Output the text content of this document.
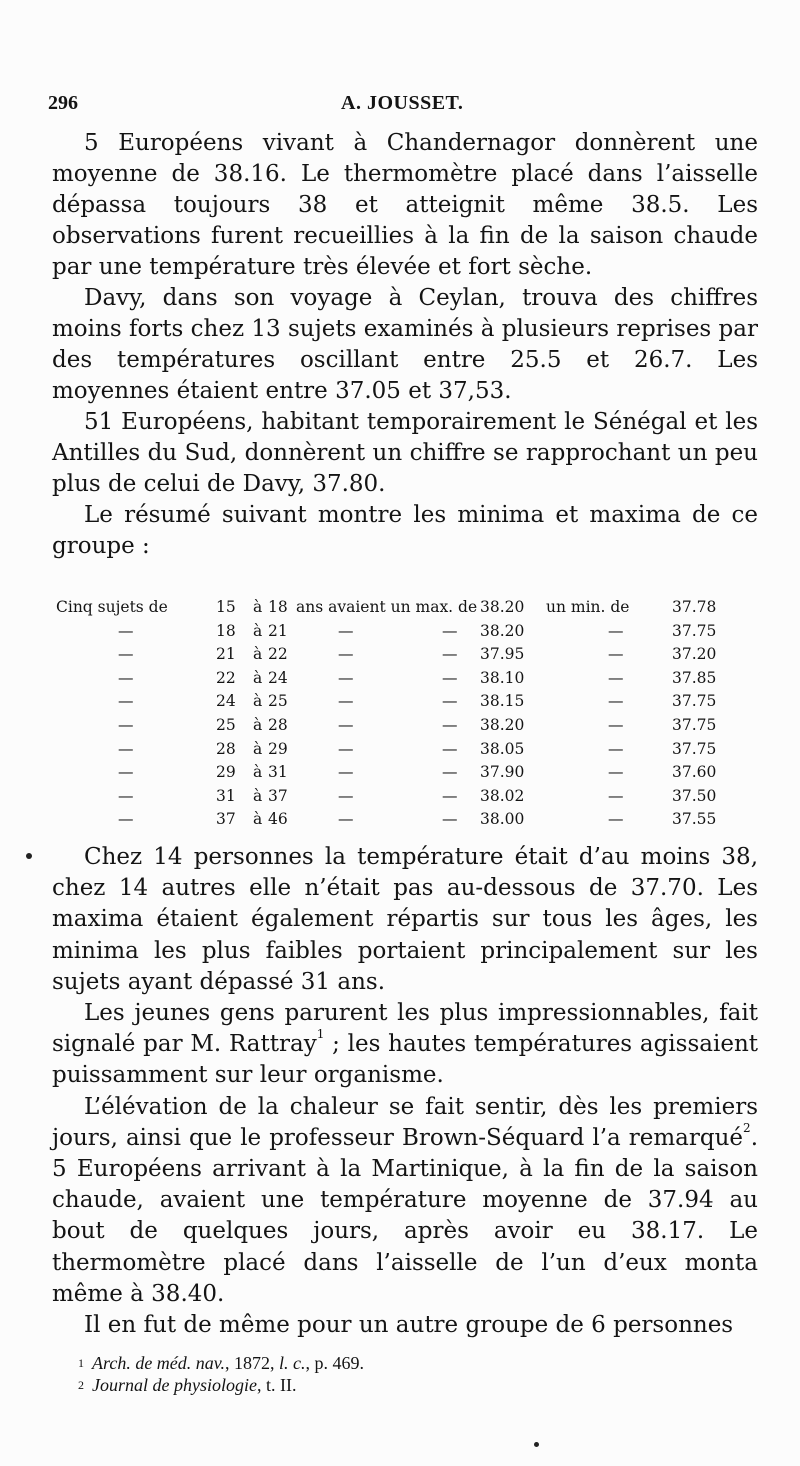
296	A. JOUSSET.

5 Européens vivant à Chandernagor donnèrent une moyenne de 38.16. Le thermomètre placé dans l’aisselle dépassa toujours 38 et atteignit même 38.5. Les observations furent recueillies à la fin de la saison chaude par une température très élevée et fort sèche.

Davy, dans son voyage à Ceylan, trouva des chiffres moins forts chez 13 sujets examinés à plusieurs reprises par des températures oscillant entre 25.5 et 26.7. Les moyennes étaient entre 37.05 et 37,53.

51 Européens, habitant temporairement le Sénégal et les Antilles du Sud, donnèrent un chiffre se rapprochant un peu plus de celui de Davy, 37.80.

Le résumé suivant montre les minima et maxima de ce groupe :

Cinq sujets de	15 à 18 ans avaient un max. de 38.20 un min. de	37.78
—	18 à 21	—	— 38.20	—	37.75
—	21 à 22	—	— 37.95	—	37.20
—	22 à 24	—	— 38.10	—	37.85
—	24 à 25	—	— 38.15	—	37.75
—	25 à 28	—	— 38.20	—	37.75
—	28 à 29	—	— 38.05	—	37.75
—	29 à 31	—	— 37.90	—	37.60
—	31 à 37	—	— 38.02	—	37.50
—	37 à 46	—	— 38.00	—	37.55

Chez 14 personnes la température était d’au moins 38, chez 14 autres elle n’était pas au-dessous de 37.70. Les maxima étaient également répartis sur tous les âges, les minima les plus faibles portaient principalement sur les sujets ayant dépassé 31 ans.

Les jeunes gens parurent les plus impressionnables, fait signalé par M. Rattray$^1$ ; les hautes températures agissaient puissamment sur leur organisme.

L’élévation de la chaleur se fait sentir, dès les premiers jours, ainsi que le professeur Brown-Séquard l’a remarqué$^2$. 5 Européens arrivant à la Martinique, à la fin de la saison chaude, avaient une température moyenne de 37.94 au bout de quelques jours, après avoir eu 38.17. Le thermomètre placé dans l’aisselle de l’un d’eux monta même à 38.40.

Il en fut de même pour un autre groupe de 6 personnes

$^1$ Arch. de méd. nav., 1872, l. c., p. 469.
$^2$ Journal de physiologie, t. II.
